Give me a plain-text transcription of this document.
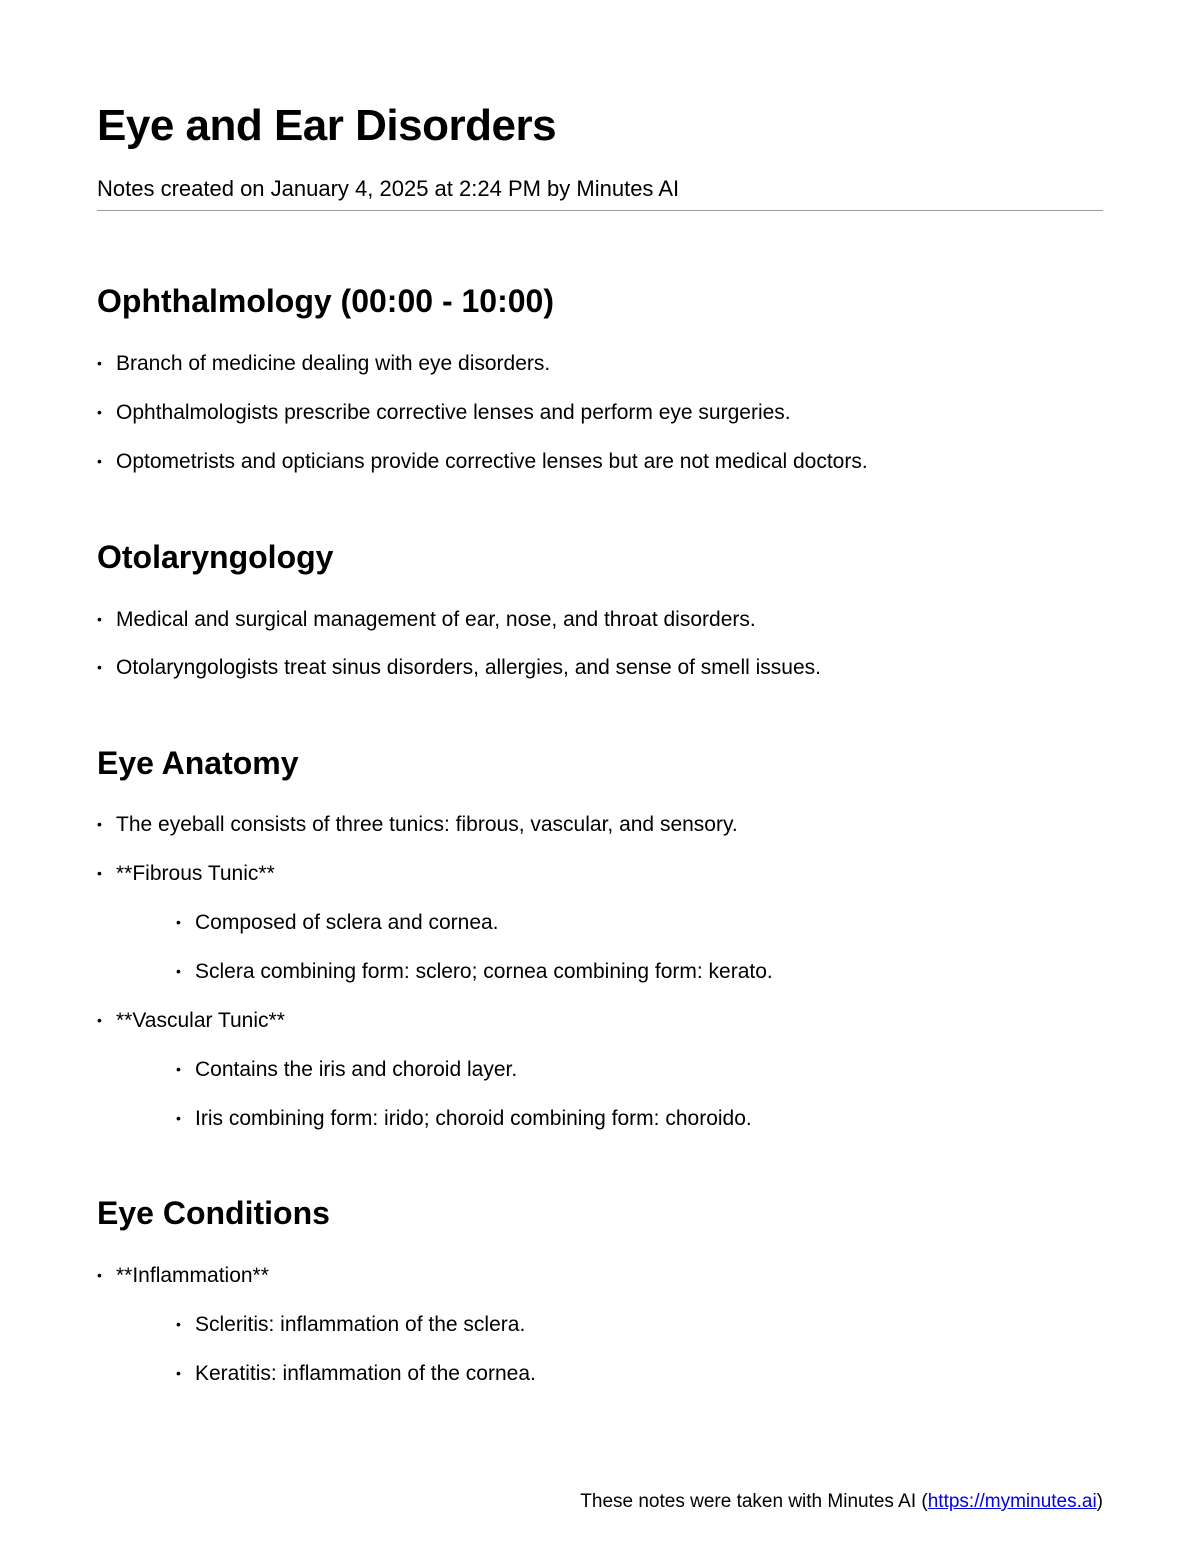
Eye and Ear Disorders
Notes created on January 4, 2025 at 2:24 PM by Minutes AI
Ophthalmology (00:00 - 10:00)
• Branch of medicine dealing with eye disorders.
• Ophthalmologists prescribe corrective lenses and perform eye surgeries.
• Optometrists and opticians provide corrective lenses but are not medical doctors.
Otolaryngology
• Medical and surgical management of ear, nose, and throat disorders.
• Otolaryngologists treat sinus disorders, allergies, and sense of smell issues.
Eye Anatomy
• The eyeball consists of three tunics: fibrous, vascular, and sensory.
• **Fibrous Tunic**
• Composed of sclera and cornea.
• Sclera combining form: sclero; cornea combining form: kerato.
• **Vascular Tunic**
• Contains the iris and choroid layer.
• Iris combining form: irido; choroid combining form: choroido.
Eye Conditions
• **Inflammation**
• Scleritis: inflammation of the sclera.
• Keratitis: inflammation of the cornea.
These notes were taken with Minutes AI (https://myminutes.ai)
